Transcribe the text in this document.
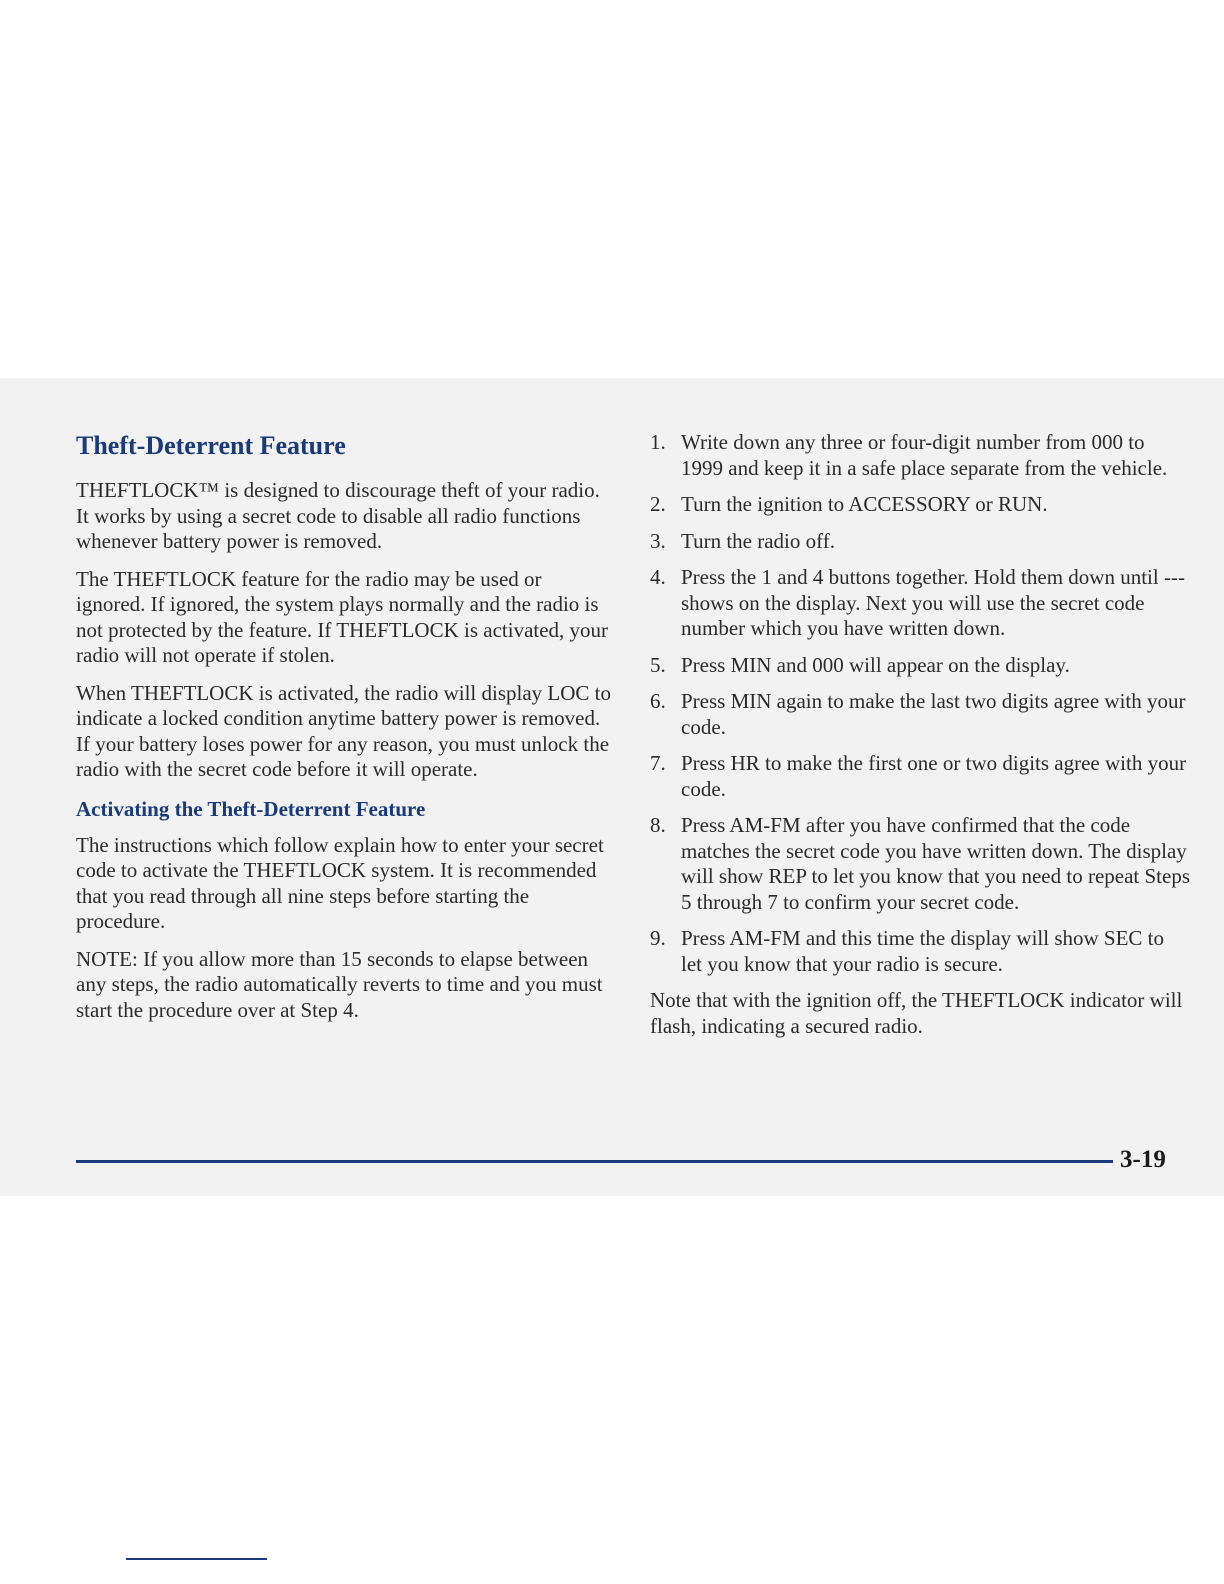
Theft-Deterrent Feature

THEFTLOCK™ is designed to discourage theft of your radio. It works by using a secret code to disable all radio functions whenever battery power is removed.

The THEFTLOCK feature for the radio may be used or ignored. If ignored, the system plays normally and the radio is not protected by the feature. If THEFTLOCK is activated, your radio will not operate if stolen.

When THEFTLOCK is activated, the radio will display LOC to indicate a locked condition anytime battery power is removed. If your battery loses power for any reason, you must unlock the radio with the secret code before it will operate.

Activating the Theft-Deterrent Feature

The instructions which follow explain how to enter your secret code to activate the THEFTLOCK system. It is recommended that you read through all nine steps before starting the procedure.

NOTE: If you allow more than 15 seconds to elapse between any steps, the radio automatically reverts to time and you must start the procedure over at Step 4.

1. Write down any three or four-digit number from 000 to 1999 and keep it in a safe place separate from the vehicle.
2. Turn the ignition to ACCESSORY or RUN.
3. Turn the radio off.
4. Press the 1 and 4 buttons together. Hold them down until --- shows on the display. Next you will use the secret code number which you have written down.
5. Press MIN and 000 will appear on the display.
6. Press MIN again to make the last two digits agree with your code.
7. Press HR to make the first one or two digits agree with your code.
8. Press AM-FM after you have confirmed that the code matches the secret code you have written down. The display will show REP to let you know that you need to repeat Steps 5 through 7 to confirm your secret code.
9. Press AM-FM and this time the display will show SEC to let you know that your radio is secure.

Note that with the ignition off, the THEFTLOCK indicator will flash, indicating a secured radio.

3-19
